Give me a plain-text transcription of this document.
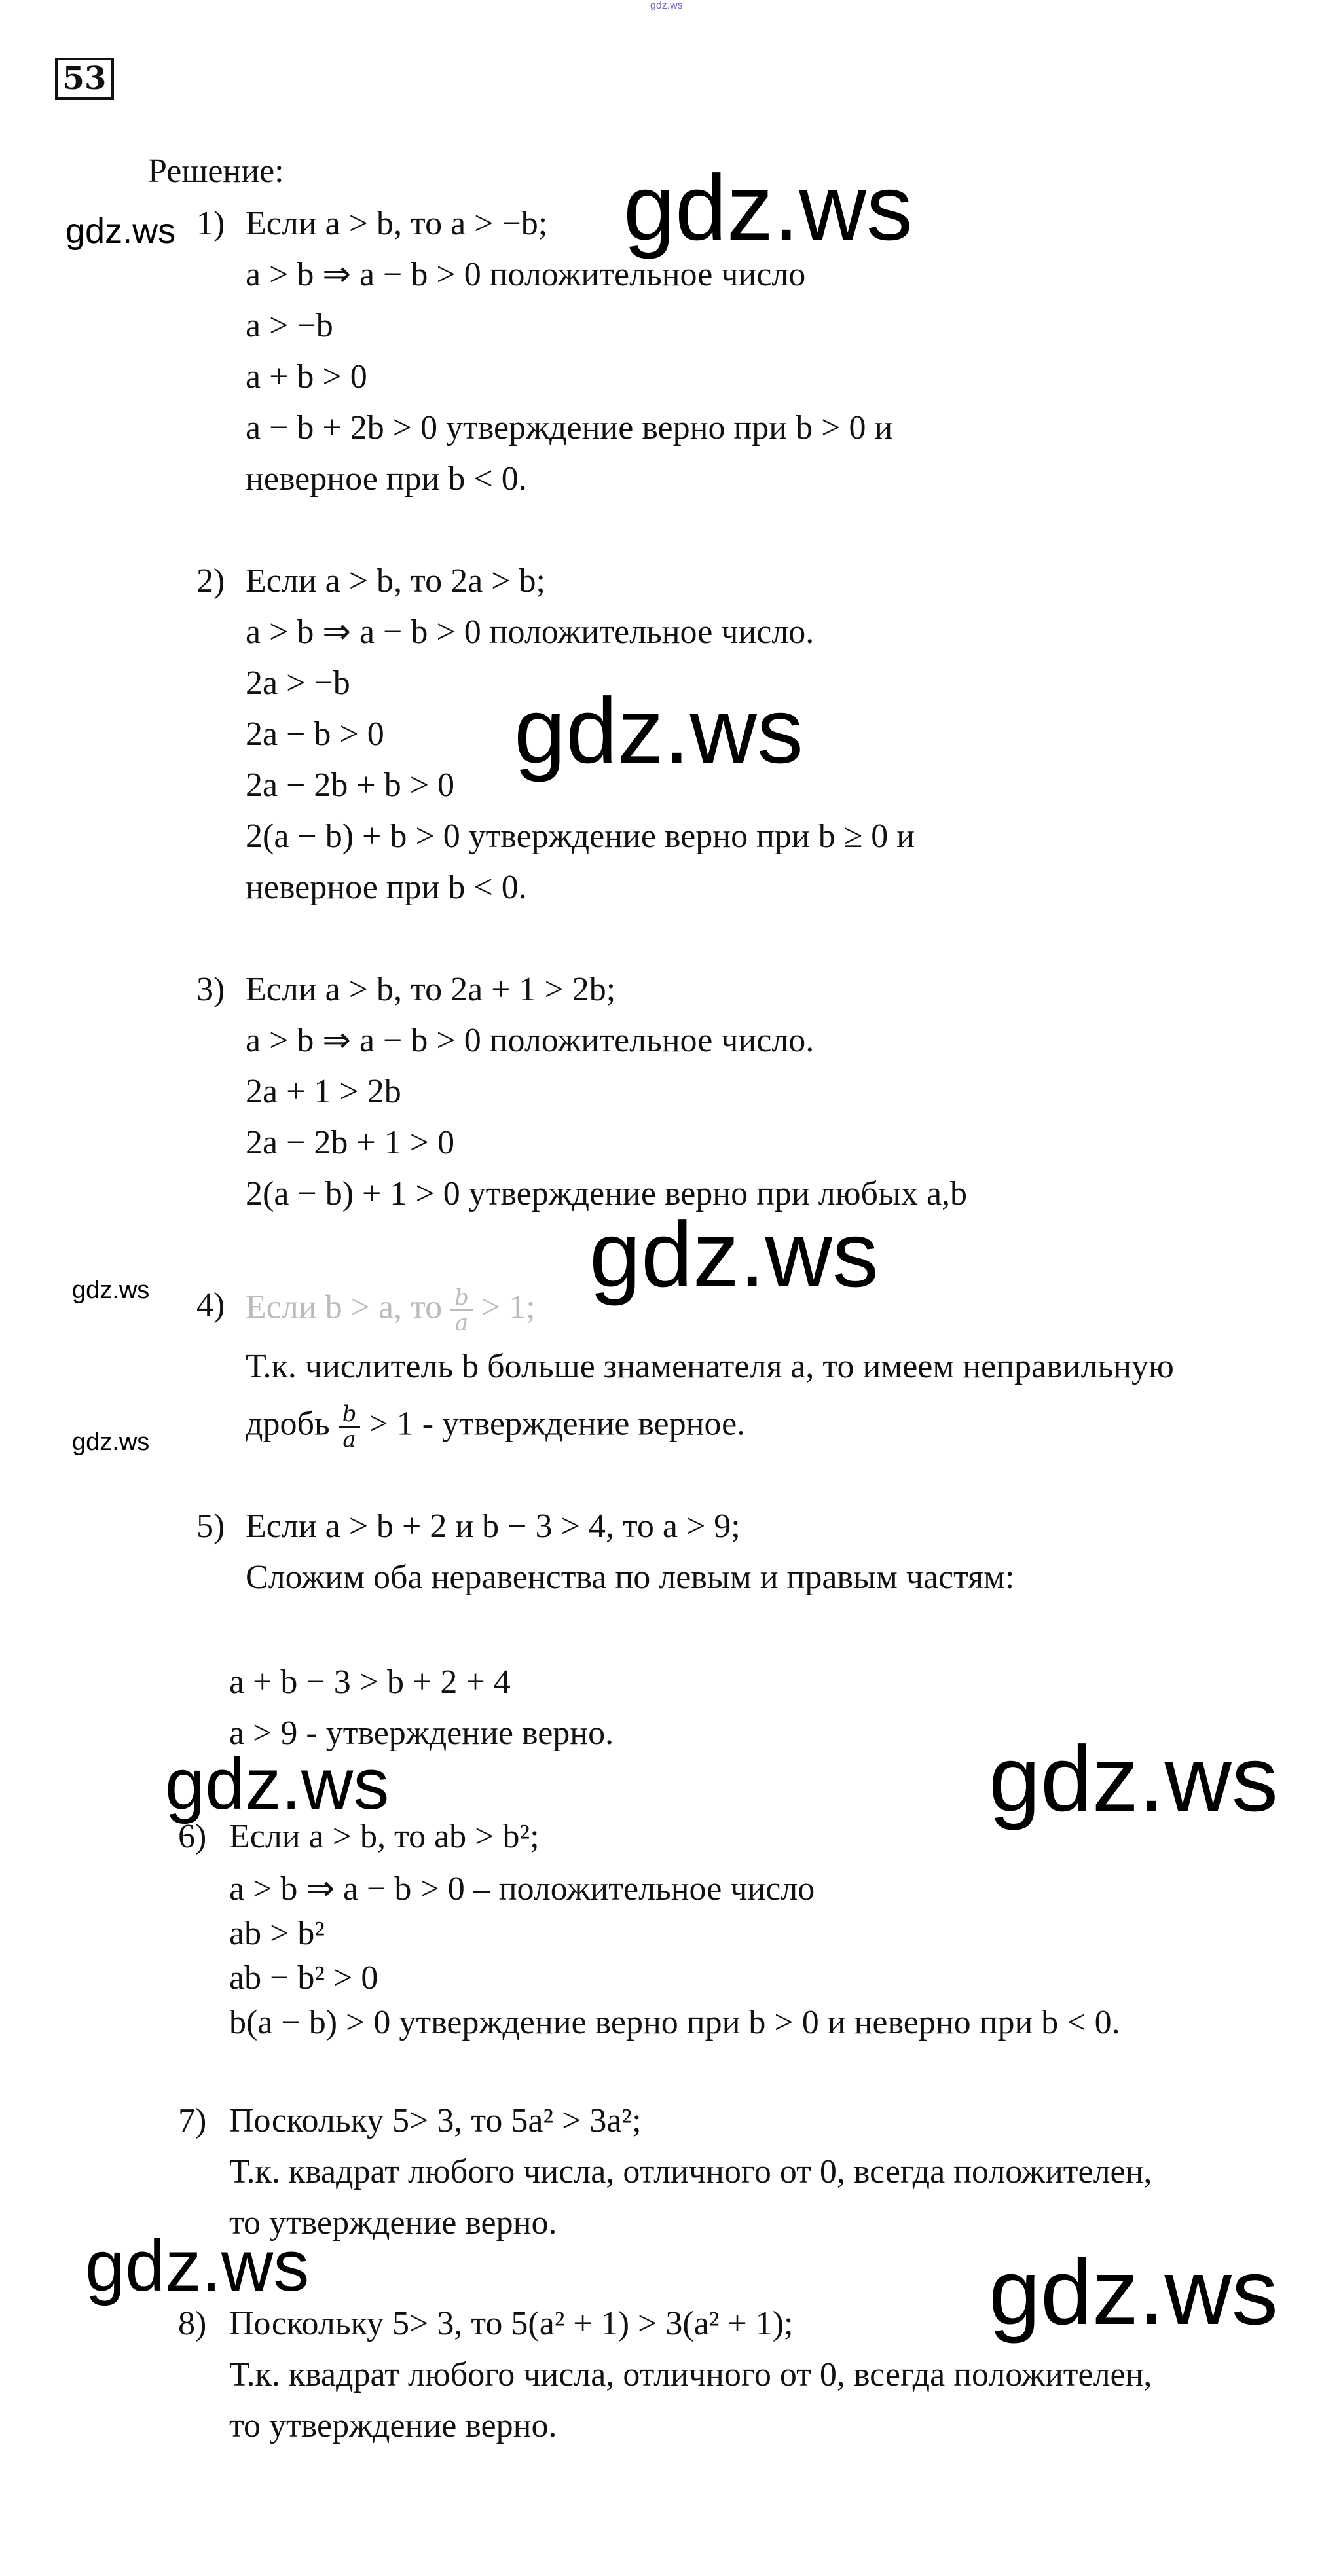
gdz.ws
53
Решение:
1) Если a > b, то a > −b;
a > b ⇒ a − b > 0 положительное число
a > −b
a + b > 0
a − b + 2b > 0 утверждение верно при b > 0 и
неверное при b < 0.
2) Если a > b, то 2a > b;
a > b ⇒ a − b > 0 положительное число.
2a > −b
2a − b > 0
2a − 2b + b > 0
2(a − b) + b > 0 утверждение верно при b ≥ 0 и
неверное при b < 0.
3) Если a > b, то 2a + 1 > 2b;
a > b ⇒ a − b > 0 положительное число.
2a + 1 > 2b
2a − 2b + 1 > 0
2(a − b) + 1 > 0 утверждение верно при любых a,b
4) Если b > a, то $\frac{b}{a} > 1$;
Т.к. числитель b больше знаменателя a, то имеем неправильную
дробь $\frac{b}{a} > 1$ - утверждение верное.
5) Если a > b + 2 и b − 3 > 4, то a > 9;
Сложим оба неравенства по левым и правым частям:
a + b − 3 > b + 2 + 4
a > 9 - утверждение верно.
6) Если a > b, то ab > b²;
a > b ⇒ a − b > 0 – положительное число
ab > b²
ab − b² > 0
b(a − b) > 0 утверждение верно при b > 0 и неверно при b < 0.
7) Поскольку 5> 3, то 5a² > 3a²;
Т.к. квадрат любого числа, отличного от 0, всегда положителен,
то утверждение верно.
8) Поскольку 5> 3, то 5(a² + 1) > 3(a² + 1);
Т.к. квадрат любого числа, отличного от 0, всегда положителен,
то утверждение верно.
gdz.ws	gdz.ws
gdz.ws
gdz.ws
gdz.ws
gdz.ws
gdz.ws	gdz.ws
gdz.ws	gdz.ws
